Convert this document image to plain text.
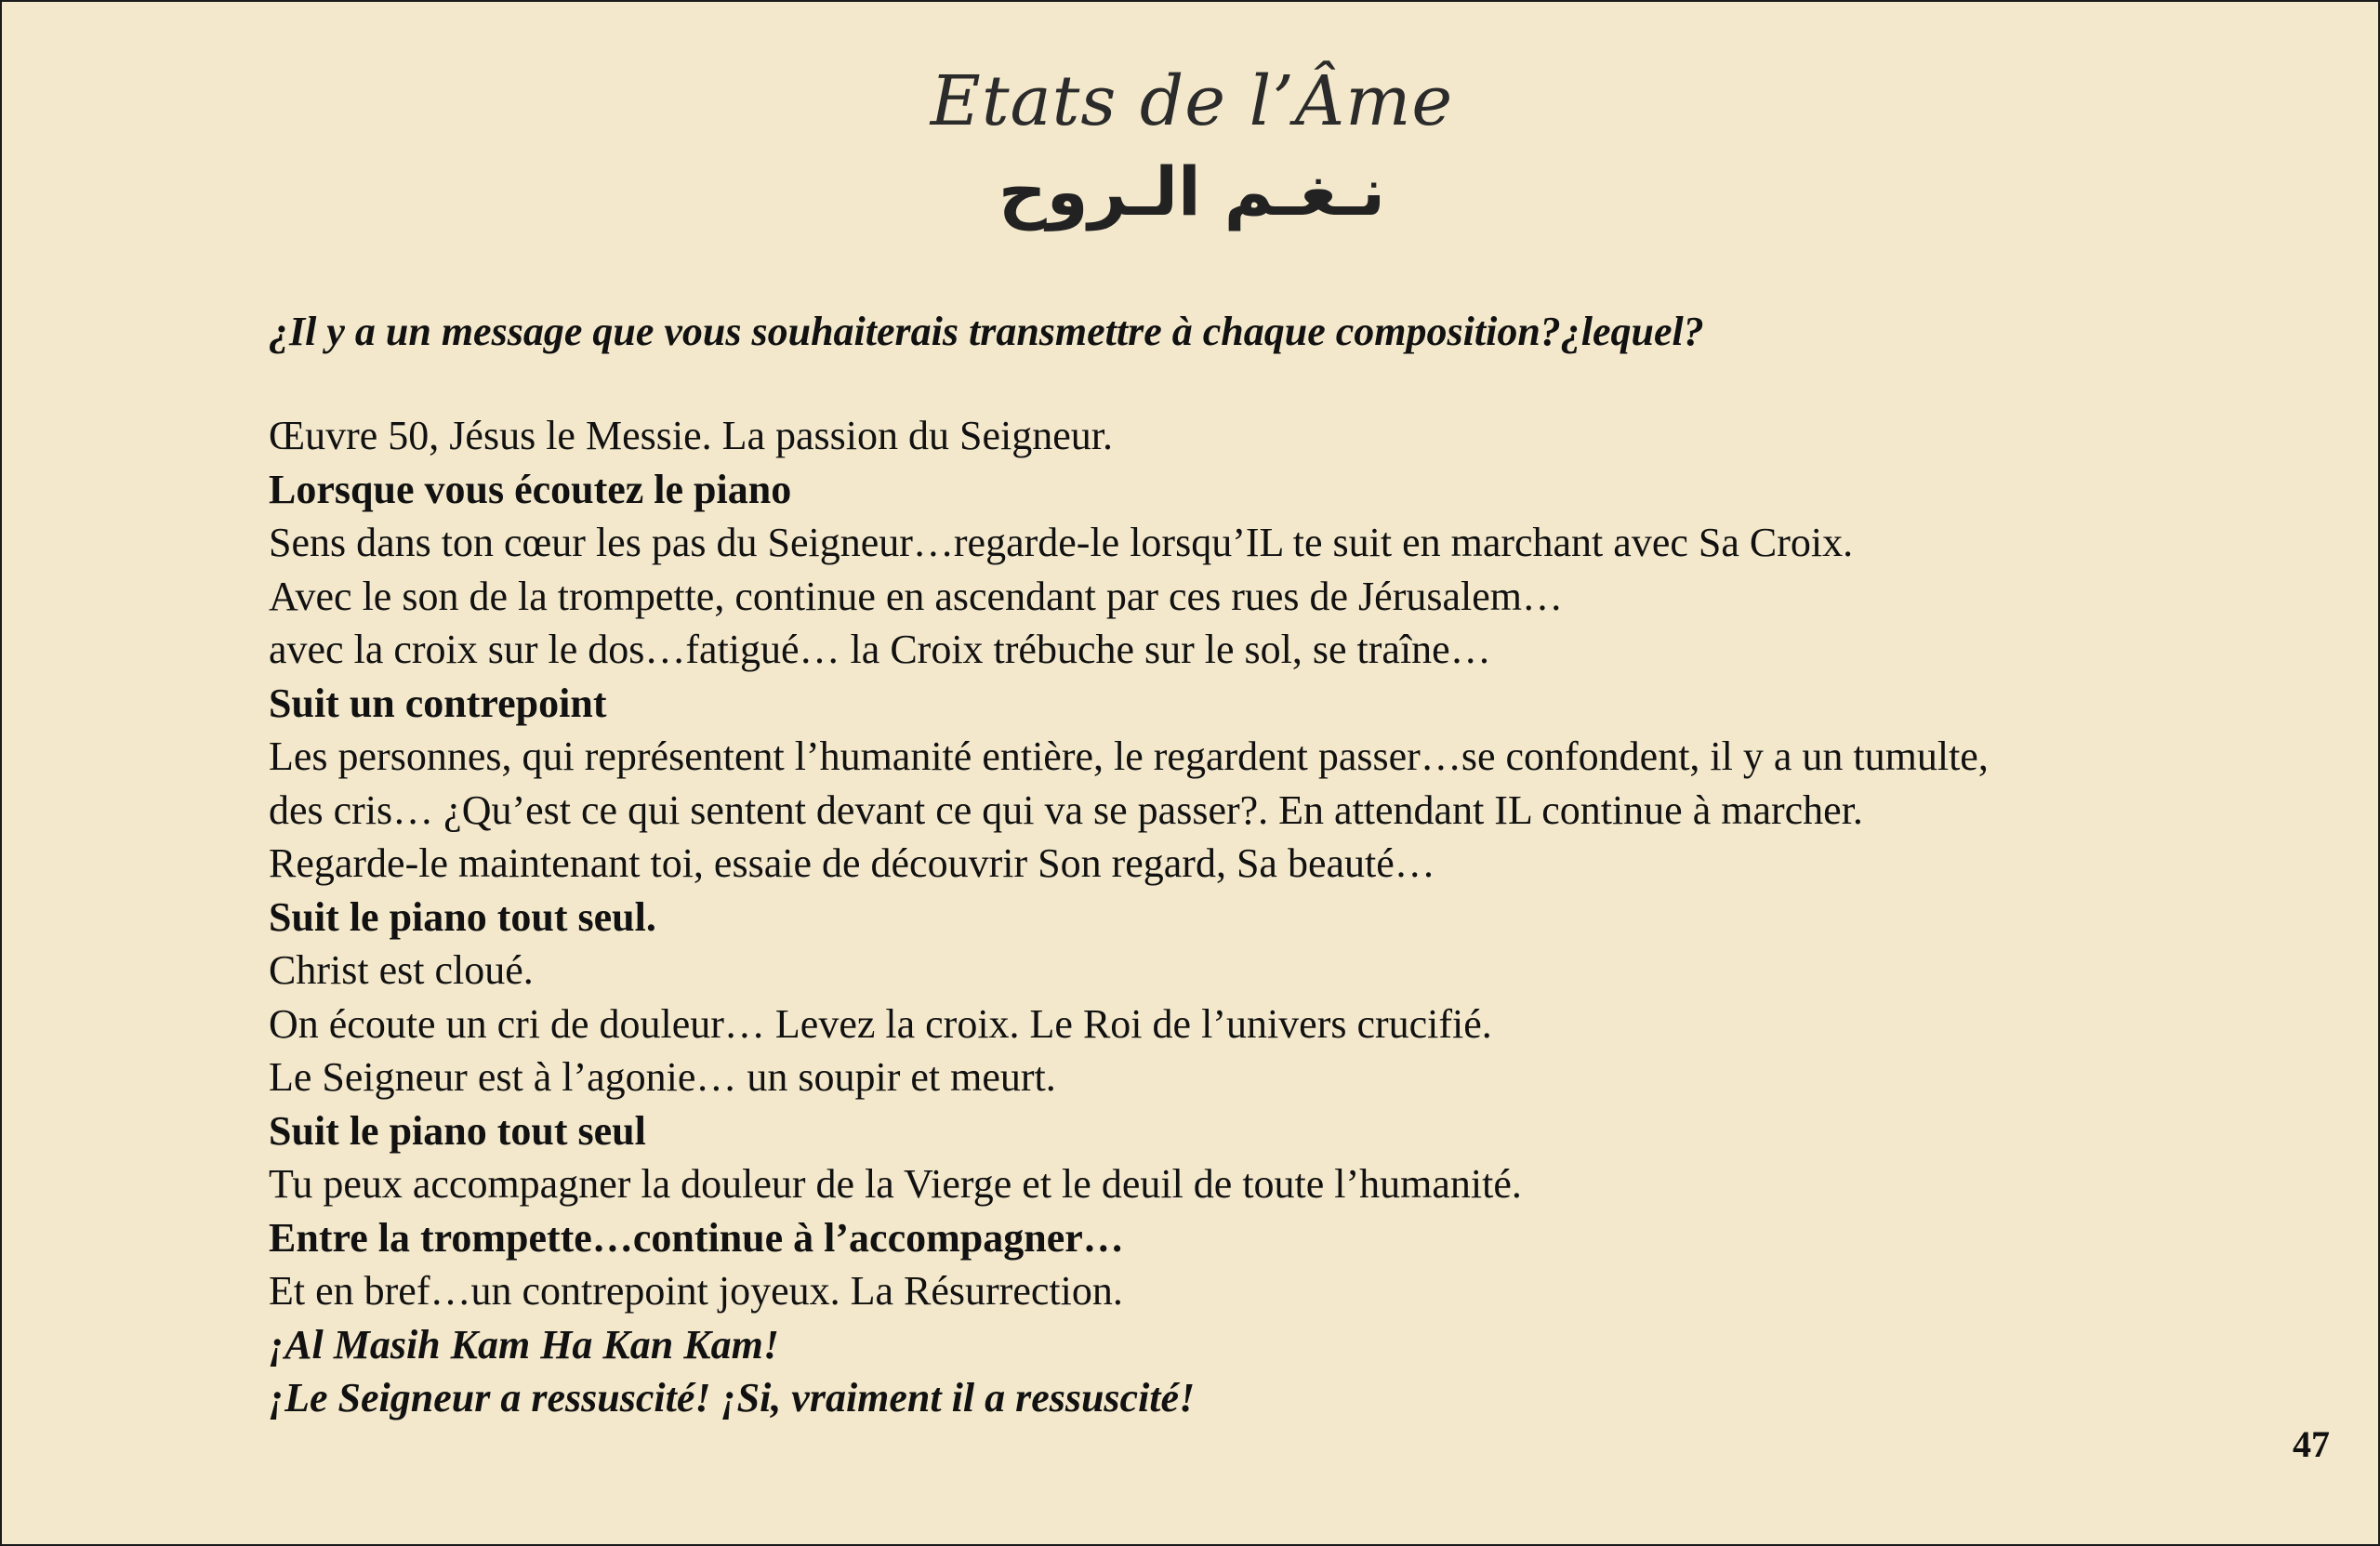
Etats de l’Âme
نـغـم الـروح
¿Il y a un message que vous souhaiterais transmettre à chaque composition?¿lequel?
Œuvre 50, Jésus le Messie. La passion du Seigneur.
Lorsque vous écoutez le piano
Sens dans ton cœur les pas du Seigneur…regarde-le lorsqu’IL te suit en marchant avec Sa Croix.
Avec le son de la trompette, continue en ascendant par ces rues de Jérusalem…
avec la croix sur le dos…fatigué… la Croix trébuche sur le sol, se traîne…
Suit un contrepoint
Les personnes, qui représentent l’humanité entière, le regardent passer…se confondent, il y a un tumulte,
des cris… ¿Qu’est ce qui sentent devant ce qui va se passer?. En attendant IL continue à marcher.
Regarde-le maintenant toi, essaie de découvrir Son regard, Sa beauté…
Suit le piano tout seul.
Christ est cloué.
On écoute un cri de douleur… Levez la croix. Le Roi de l’univers crucifié.
Le Seigneur est à l’agonie… un soupir et meurt.
Suit le piano tout seul
Tu peux accompagner la douleur de la Vierge et le deuil de toute l’humanité.
Entre la trompette…continue à l’accompagner…
Et en bref…un contrepoint joyeux. La Résurrection.
¡Al Masih Kam Ha Kan Kam!
¡Le Seigneur a ressuscité! ¡Si, vraiment il a ressuscité!
47
